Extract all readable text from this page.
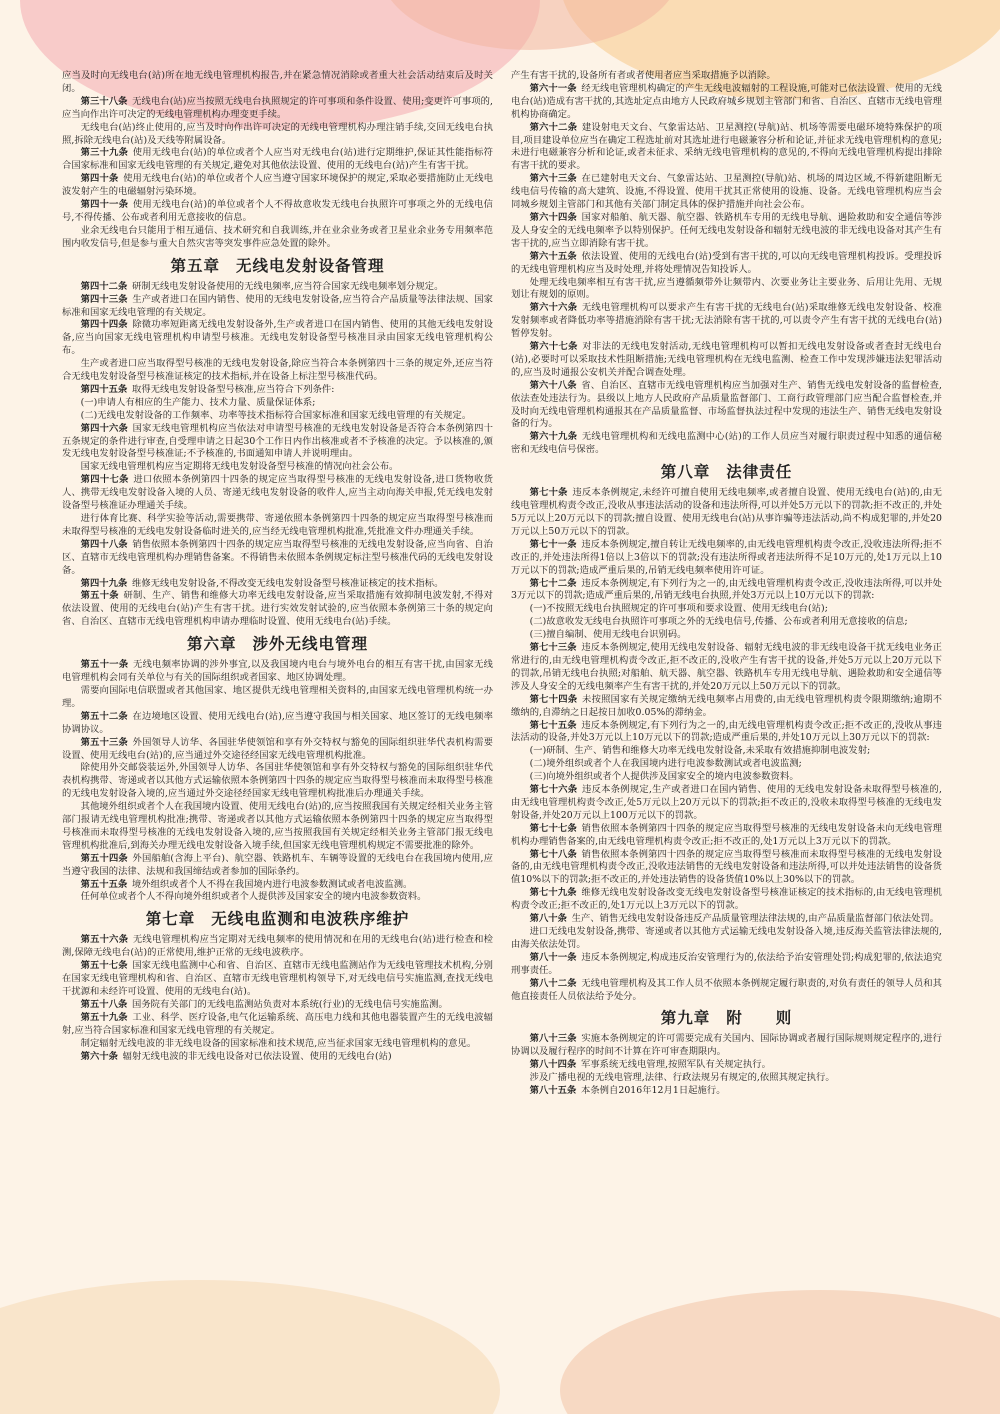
应当及时向无线电台(站)所在地无线电管理机构报告,并在紧急情况消除或者重大社会活动结束后及时关闭。

第三十八条 无线电台(站)应当按照无线电台执照规定的许可事项和条件设置、使用;变更许可事项的,应当向作出许可决定的无线电管理机构办理变更手续。

无线电台(站)终止使用的,应当及时向作出许可决定的无线电管理机构办理注销手续,交回无线电台执照,拆除无线电台(站)及天线等附属设备。

第三十九条 使用无线电台(站)的单位或者个人应当对无线电台(站)进行定期维护,保证其性能指标符合国家标准和国家无线电管理的有关规定,避免对其他依法设置、使用的无线电台(站)产生有害干扰。

第四十条 使用无线电台(站)的单位或者个人应当遵守国家环境保护的规定,采取必要措施防止无线电波发射产生的电磁辐射污染环境。

第四十一条 使用无线电台(站)的单位或者个人不得故意收发无线电台执照许可事项之外的无线电信号,不得传播、公布或者利用无意接收的信息。

业余无线电台只能用于相互通信、技术研究和自我训练,并在业余业务或者卫星业余业务专用频率范围内收发信号,但是参与重大自然灾害等突发事件应急处置的除外。

第五章 无线电发射设备管理

第四十二条 研制无线电发射设备使用的无线电频率,应当符合国家无线电频率划分规定。

第四十三条 生产或者进口在国内销售、使用的无线电发射设备,应当符合产品质量等法律法规、国家标准和国家无线电管理的有关规定。

第四十四条 除微功率短距离无线电发射设备外,生产或者进口在国内销售、使用的其他无线电发射设备,应当向国家无线电管理机构申请型号核准。无线电发射设备型号核准目录由国家无线电管理机构公布。

生产或者进口应当取得型号核准的无线电发射设备,除应当符合本条例第四十三条的规定外,还应当符合无线电发射设备型号核准证核定的技术指标,并在设备上标注型号核准代码。

第四十五条 取得无线电发射设备型号核准,应当符合下列条件:

(一)申请人有相应的生产能力、技术力量、质量保证体系;

(二)无线电发射设备的工作频率、功率等技术指标符合国家标准和国家无线电管理的有关规定。

第四十六条 国家无线电管理机构应当依法对申请型号核准的无线电发射设备是否符合本条例第四十五条规定的条件进行审查,自受理申请之日起30个工作日内作出核准或者不予核准的决定。予以核准的,颁发无线电发射设备型号核准证;不予核准的,书面通知申请人并说明理由。

国家无线电管理机构应当定期将无线电发射设备型号核准的情况向社会公布。

第四十七条 进口依照本条例第四十四条的规定应当取得型号核准的无线电发射设备,进口货物收货人、携带无线电发射设备入境的人员、寄递无线电发射设备的收件人,应当主动向海关申报,凭无线电发射设备型号核准证办理通关手续。

进行体育比赛、科学实验等活动,需要携带、寄递依照本条例第四十四条的规定应当取得型号核准而未取得型号核准的无线电发射设备临时进关的,应当经无线电管理机构批准,凭批准文件办理通关手续。

第四十八条 销售依照本条例第四十四条的规定应当取得型号核准的无线电发射设备,应当向省、自治区、直辖市无线电管理机构办理销售备案。不得销售未依照本条例规定标注型号核准代码的无线电发射设备。

第四十九条 维修无线电发射设备,不得改变无线电发射设备型号核准证核定的技术指标。

第五十条 研制、生产、销售和维修大功率无线电发射设备,应当采取措施有效抑制电波发射,不得对依法设置、使用的无线电台(站)产生有害干扰。进行实效发射试验的,应当依照本条例第三十条的规定向省、自治区、直辖市无线电管理机构申请办理临时设置、使用无线电台(站)手续。

第六章 涉外无线电管理

第五十一条 无线电频率协调的涉外事宜,以及我国境内电台与境外电台的相互有害干扰,由国家无线电管理机构会同有关单位与有关的国际组织或者国家、地区协调处理。

需要向国际电信联盟或者其他国家、地区提供无线电管理相关资料的,由国家无线电管理机构统一办理。

第五十二条 在边境地区设置、使用无线电台(站),应当遵守我国与相关国家、地区签订的无线电频率协调协议。

第五十三条 外国领导人访华、各国驻华使领馆和享有外交特权与豁免的国际组织驻华代表机构需要设置、使用无线电台(站)的,应当通过外交途径经国家无线电管理机构批准。

除使用外交邮袋装运外,外国领导人访华、各国驻华使领馆和享有外交特权与豁免的国际组织驻华代表机构携带、寄递或者以其他方式运输依照本条例第四十四条的规定应当取得型号核准而未取得型号核准的无线电发射设备入境的,应当通过外交途径经国家无线电管理机构批准后办理通关手续。

其他境外组织或者个人在我国境内设置、使用无线电台(站)的,应当按照我国有关规定经相关业务主管部门报请无线电管理机构批准;携带、寄递或者以其他方式运输依照本条例第四十四条的规定应当取得型号核准而未取得型号核准的无线电发射设备入境的,应当按照我国有关规定经相关业务主管部门报无线电管理机构批准后,到海关办理无线电发射设备入境手续,但国家无线电管理机构规定不需要批准的除外。

第五十四条 外国船舶(含海上平台)、航空器、铁路机车、车辆等设置的无线电台在我国境内使用,应当遵守我国的法律、法规和我国缔结或者参加的国际条约。

第五十五条 境外组织或者个人不得在我国境内进行电波参数测试或者电波监测。

任何单位或者个人不得向境外组织或者个人提供涉及国家安全的境内电波参数资料。

第七章 无线电监测和电波秩序维护

第五十六条 无线电管理机构应当定期对无线电频率的使用情况和在用的无线电台(站)进行检查和检测,保障无线电台(站)的正常使用,维护正常的无线电波秩序。

第五十七条 国家无线电监测中心和省、自治区、直辖市无线电监测站作为无线电管理技术机构,分别在国家无线电管理机构和省、自治区、直辖市无线电管理机构领导下,对无线电信号实施监测,查找无线电干扰源和未经许可设置、使用的无线电台(站)。

第五十八条 国务院有关部门的无线电监测站负责对本系统(行业)的无线电信号实施监测。

第五十九条 工业、科学、医疗设备,电气化运输系统、高压电力线和其他电器装置产生的无线电波辐射,应当符合国家标准和国家无线电管理的有关规定。

制定辐射无线电波的非无线电设备的国家标准和技术规范,应当征求国家无线电管理机构的意见。

第六十条 辐射无线电波的非无线电设备对已依法设置、使用的无线电台(站)

产生有害干扰的,设备所有者或者使用者应当采取措施予以消除。

第六十一条 经无线电管理机构确定的产生无线电波辐射的工程设施,可能对已依法设置、使用的无线电台(站)造成有害干扰的,其选址定点由地方人民政府城乡规划主管部门和省、自治区、直辖市无线电管理机构协商确定。

第六十二条 建设射电天文台、气象雷达站、卫星测控(导航)站、机场等需要电磁环境特殊保护的项目,项目建设单位应当在确定工程选址前对其选址进行电磁兼容分析和论证,并征求无线电管理机构的意见;未进行电磁兼容分析和论证,或者未征求、采纳无线电管理机构的意见的,不得向无线电管理机构提出排除有害干扰的要求。

第六十三条 在已建射电天文台、气象雷达站、卫星测控(导航)站、机场的周边区域,不得新建阻断无线电信号传输的高大建筑、设施,不得设置、使用干扰其正常使用的设施、设备。无线电管理机构应当会同城乡规划主管部门和其他有关部门制定具体的保护措施并向社会公布。

第六十四条 国家对船舶、航天器、航空器、铁路机车专用的无线电导航、遇险救助和安全通信等涉及人身安全的无线电频率予以特别保护。任何无线电发射设备和辐射无线电波的非无线电设备对其产生有害干扰的,应当立即消除有害干扰。

第六十五条 依法设置、使用的无线电台(站)受到有害干扰的,可以向无线电管理机构投诉。受理投诉的无线电管理机构应当及时处理,并将处理情况告知投诉人。

处理无线电频率相互有害干扰,应当遵循频带外让频带内、次要业务让主要业务、后用让先用、无规划让有规划的原则。

第六十六条 无线电管理机构可以要求产生有害干扰的无线电台(站)采取维修无线电发射设备、校准发射频率或者降低功率等措施消除有害干扰;无法消除有害干扰的,可以责令产生有害干扰的无线电台(站)暂停发射。

第六十七条 对非法的无线电发射活动,无线电管理机构可以暂扣无线电发射设备或者查封无线电台(站),必要时可以采取技术性阻断措施;无线电管理机构在无线电监测、检查工作中发现涉嫌违法犯罪活动的,应当及时通报公安机关并配合调查处理。

第六十八条 省、自治区、直辖市无线电管理机构应当加强对生产、销售无线电发射设备的监督检查,依法查处违法行为。县级以上地方人民政府产品质量监督部门、工商行政管理部门应当配合监督检查,并及时向无线电管理机构通报其在产品质量监督、市场监督执法过程中发现的违法生产、销售无线电发射设备的行为。

第六十九条 无线电管理机构和无线电监测中心(站)的工作人员应当对履行职责过程中知悉的通信秘密和无线电信号保密。

第八章 法律责任

第七十条 违反本条例规定,未经许可擅自使用无线电频率,或者擅自设置、使用无线电台(站)的,由无线电管理机构责令改正,没收从事违法活动的设备和违法所得,可以并处5万元以下的罚款;拒不改正的,并处5万元以上20万元以下的罚款;擅自设置、使用无线电台(站)从事诈骗等违法活动,尚不构成犯罪的,并处20万元以上50万元以下的罚款。

第七十一条 违反本条例规定,擅自转让无线电频率的,由无线电管理机构责令改正,没收违法所得;拒不改正的,并处违法所得1倍以上3倍以下的罚款;没有违法所得或者违法所得不足10万元的,处1万元以上10万元以下的罚款;造成严重后果的,吊销无线电频率使用许可证。

第七十二条 违反本条例规定,有下列行为之一的,由无线电管理机构责令改正,没收违法所得,可以并处3万元以下的罚款;造成严重后果的,吊销无线电台执照,并处3万元以上10万元以下的罚款:

(一)不按照无线电台执照规定的许可事项和要求设置、使用无线电台(站);

(二)故意收发无线电台执照许可事项之外的无线电信号,传播、公布或者利用无意接收的信息;

(三)擅自编制、使用无线电台识别码。

第七十三条 违反本条例规定,使用无线电发射设备、辐射无线电波的非无线电设备干扰无线电业务正常进行的,由无线电管理机构责令改正,拒不改正的,没收产生有害干扰的设备,并处5万元以上20万元以下的罚款,吊销无线电台执照;对船舶、航天器、航空器、铁路机车专用无线电导航、遇险救助和安全通信等涉及人身安全的无线电频率产生有害干扰的,并处20万元以上50万元以下的罚款。

第七十四条 未按照国家有关规定缴纳无线电频率占用费的,由无线电管理机构责令限期缴纳;逾期不缴纳的,自滞纳之日起按日加收0.05%的滞纳金。

第七十五条 违反本条例规定,有下列行为之一的,由无线电管理机构责令改正;拒不改正的,没收从事违法活动的设备,并处3万元以上10万元以下的罚款;造成严重后果的,并处10万元以上30万元以下的罚款:

(一)研制、生产、销售和维修大功率无线电发射设备,未采取有效措施抑制电波发射;

(二)境外组织或者个人在我国境内进行电波参数测试或者电波监测;

(三)向境外组织或者个人提供涉及国家安全的境内电波参数资料。

第七十六条 违反本条例规定,生产或者进口在国内销售、使用的无线电发射设备未取得型号核准的,由无线电管理机构责令改正,处5万元以上20万元以下的罚款;拒不改正的,没收未取得型号核准的无线电发射设备,并处20万元以上100万元以下的罚款。

第七十七条 销售依照本条例第四十四条的规定应当取得型号核准的无线电发射设备未向无线电管理机构办理销售备案的,由无线电管理机构责令改正;拒不改正的,处1万元以上3万元以下的罚款。

第七十八条 销售依照本条例第四十四条的规定应当取得型号核准而未取得型号核准的无线电发射设备的,由无线电管理机构责令改正,没收违法销售的无线电发射设备和违法所得,可以并处违法销售的设备货值10%以下的罚款;拒不改正的,并处违法销售的设备货值10%以上30%以下的罚款。

第七十九条 维修无线电发射设备改变无线电发射设备型号核准证核定的技术指标的,由无线电管理机构责令改正;拒不改正的,处1万元以上3万元以下的罚款。

第八十条 生产、销售无线电发射设备违反产品质量管理法律法规的,由产品质量监督部门依法处罚。

进口无线电发射设备,携带、寄递或者以其他方式运输无线电发射设备入境,违反海关监管法律法规的,由海关依法处罚。

第八十一条 违反本条例规定,构成违反治安管理行为的,依法给予治安管理处罚;构成犯罪的,依法追究刑事责任。

第八十二条 无线电管理机构及其工作人员不依照本条例规定履行职责的,对负有责任的领导人员和其他直接责任人员依法给予处分。

第九章 附　　则

第八十三条 实施本条例规定的许可需要完成有关国内、国际协调或者履行国际规则规定程序的,进行协调以及履行程序的时间不计算在许可审查期限内。

第八十四条 军事系统无线电管理,按照军队有关规定执行。

涉及广播电视的无线电管理,法律、行政法规另有规定的,依照其规定执行。

第八十五条 本条例自2016年12月1日起施行。
